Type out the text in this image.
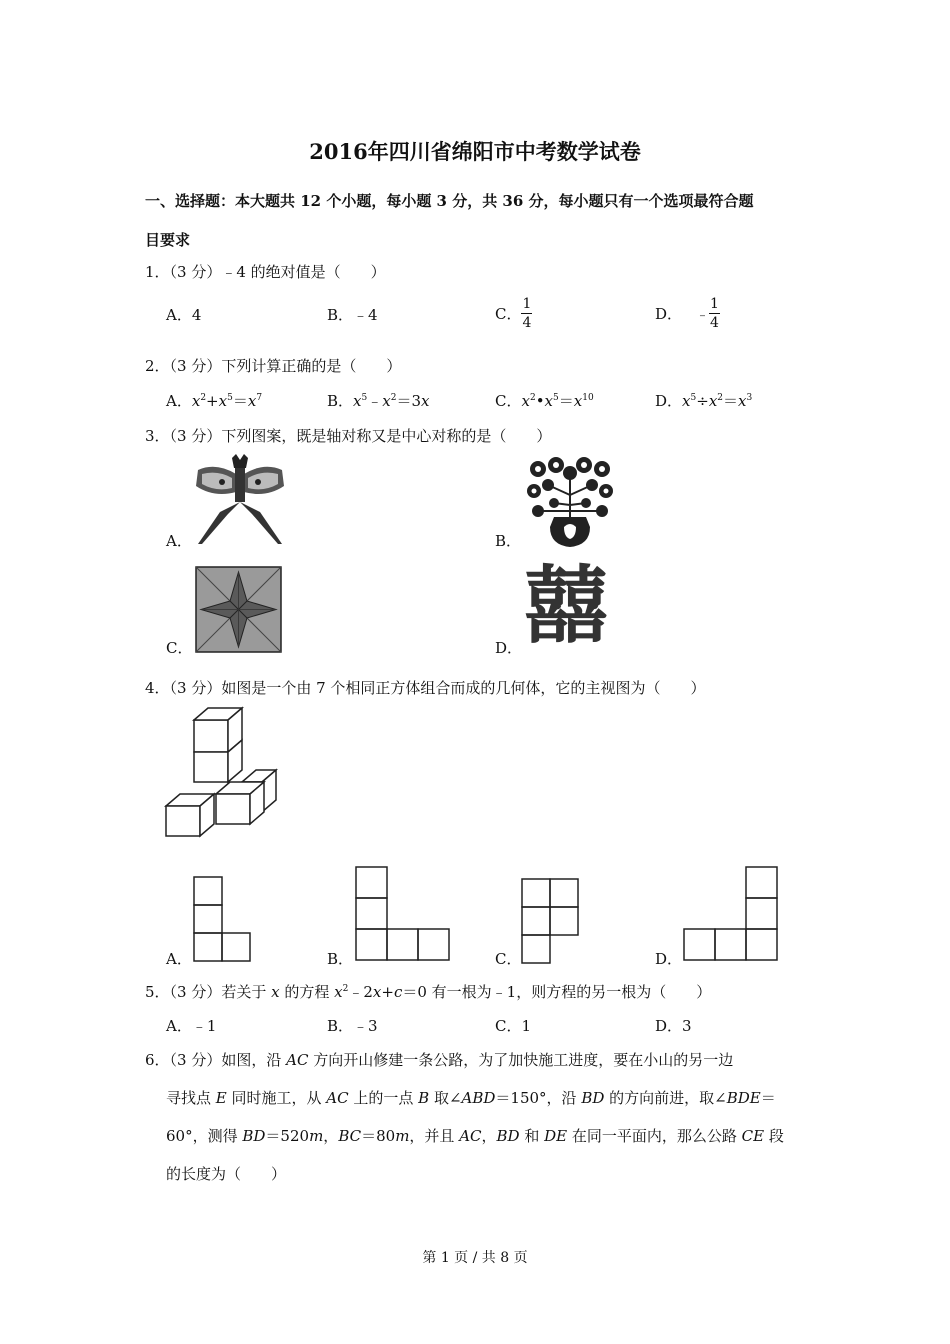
2016年四川省绵阳市中考数学试卷
一、选择题：本大题共 12 个小题，每小题 3 分，共 36 分，每小题只有一个选项最符合题
目要求
1．（3 分）﹣4 的绝对值是（　　）
A．4	B．﹣4	C． $\frac{1}{4}$	D． ﹣ $\frac{1}{4}$
2．（3 分）下列计算正确的是（　　）
A．$x^2+x^5=x^7$	B．$x^5﹣x^2=3x$	C．$x^2•x^5=x^{10}$	D．$x^5\div x^2=x^3$
3．（3 分）下列图案，既是轴对称又是中心对称的是（　　）
A．	B．
C．	D． 囍
4．（3 分）如图是一个由 7 个相同正方体组合而成的几何体，它的主视图为（　　）
A．	B．	C．	D．
5．（3 分）若关于 x 的方程 $x^2﹣2x+c=0$ 有一根为﹣1，则方程的另一根为（　　）
A．﹣1	B．﹣3	C．1	D．3
6．（3 分）如图，沿 AC 方向开山修建一条公路，为了加快施工进度，要在小山的另一边
寻找点 E 同时施工，从 AC 上的一点 B 取∠ABD＝150°，沿 BD 的方向前进，取∠BDE＝
60°，测得 BD＝520m，BC＝80m，并且 AC，BD 和 DE 在同一平面内，那么公路 CE 段
的长度为（　　）
第 1 页 / 共 8 页
